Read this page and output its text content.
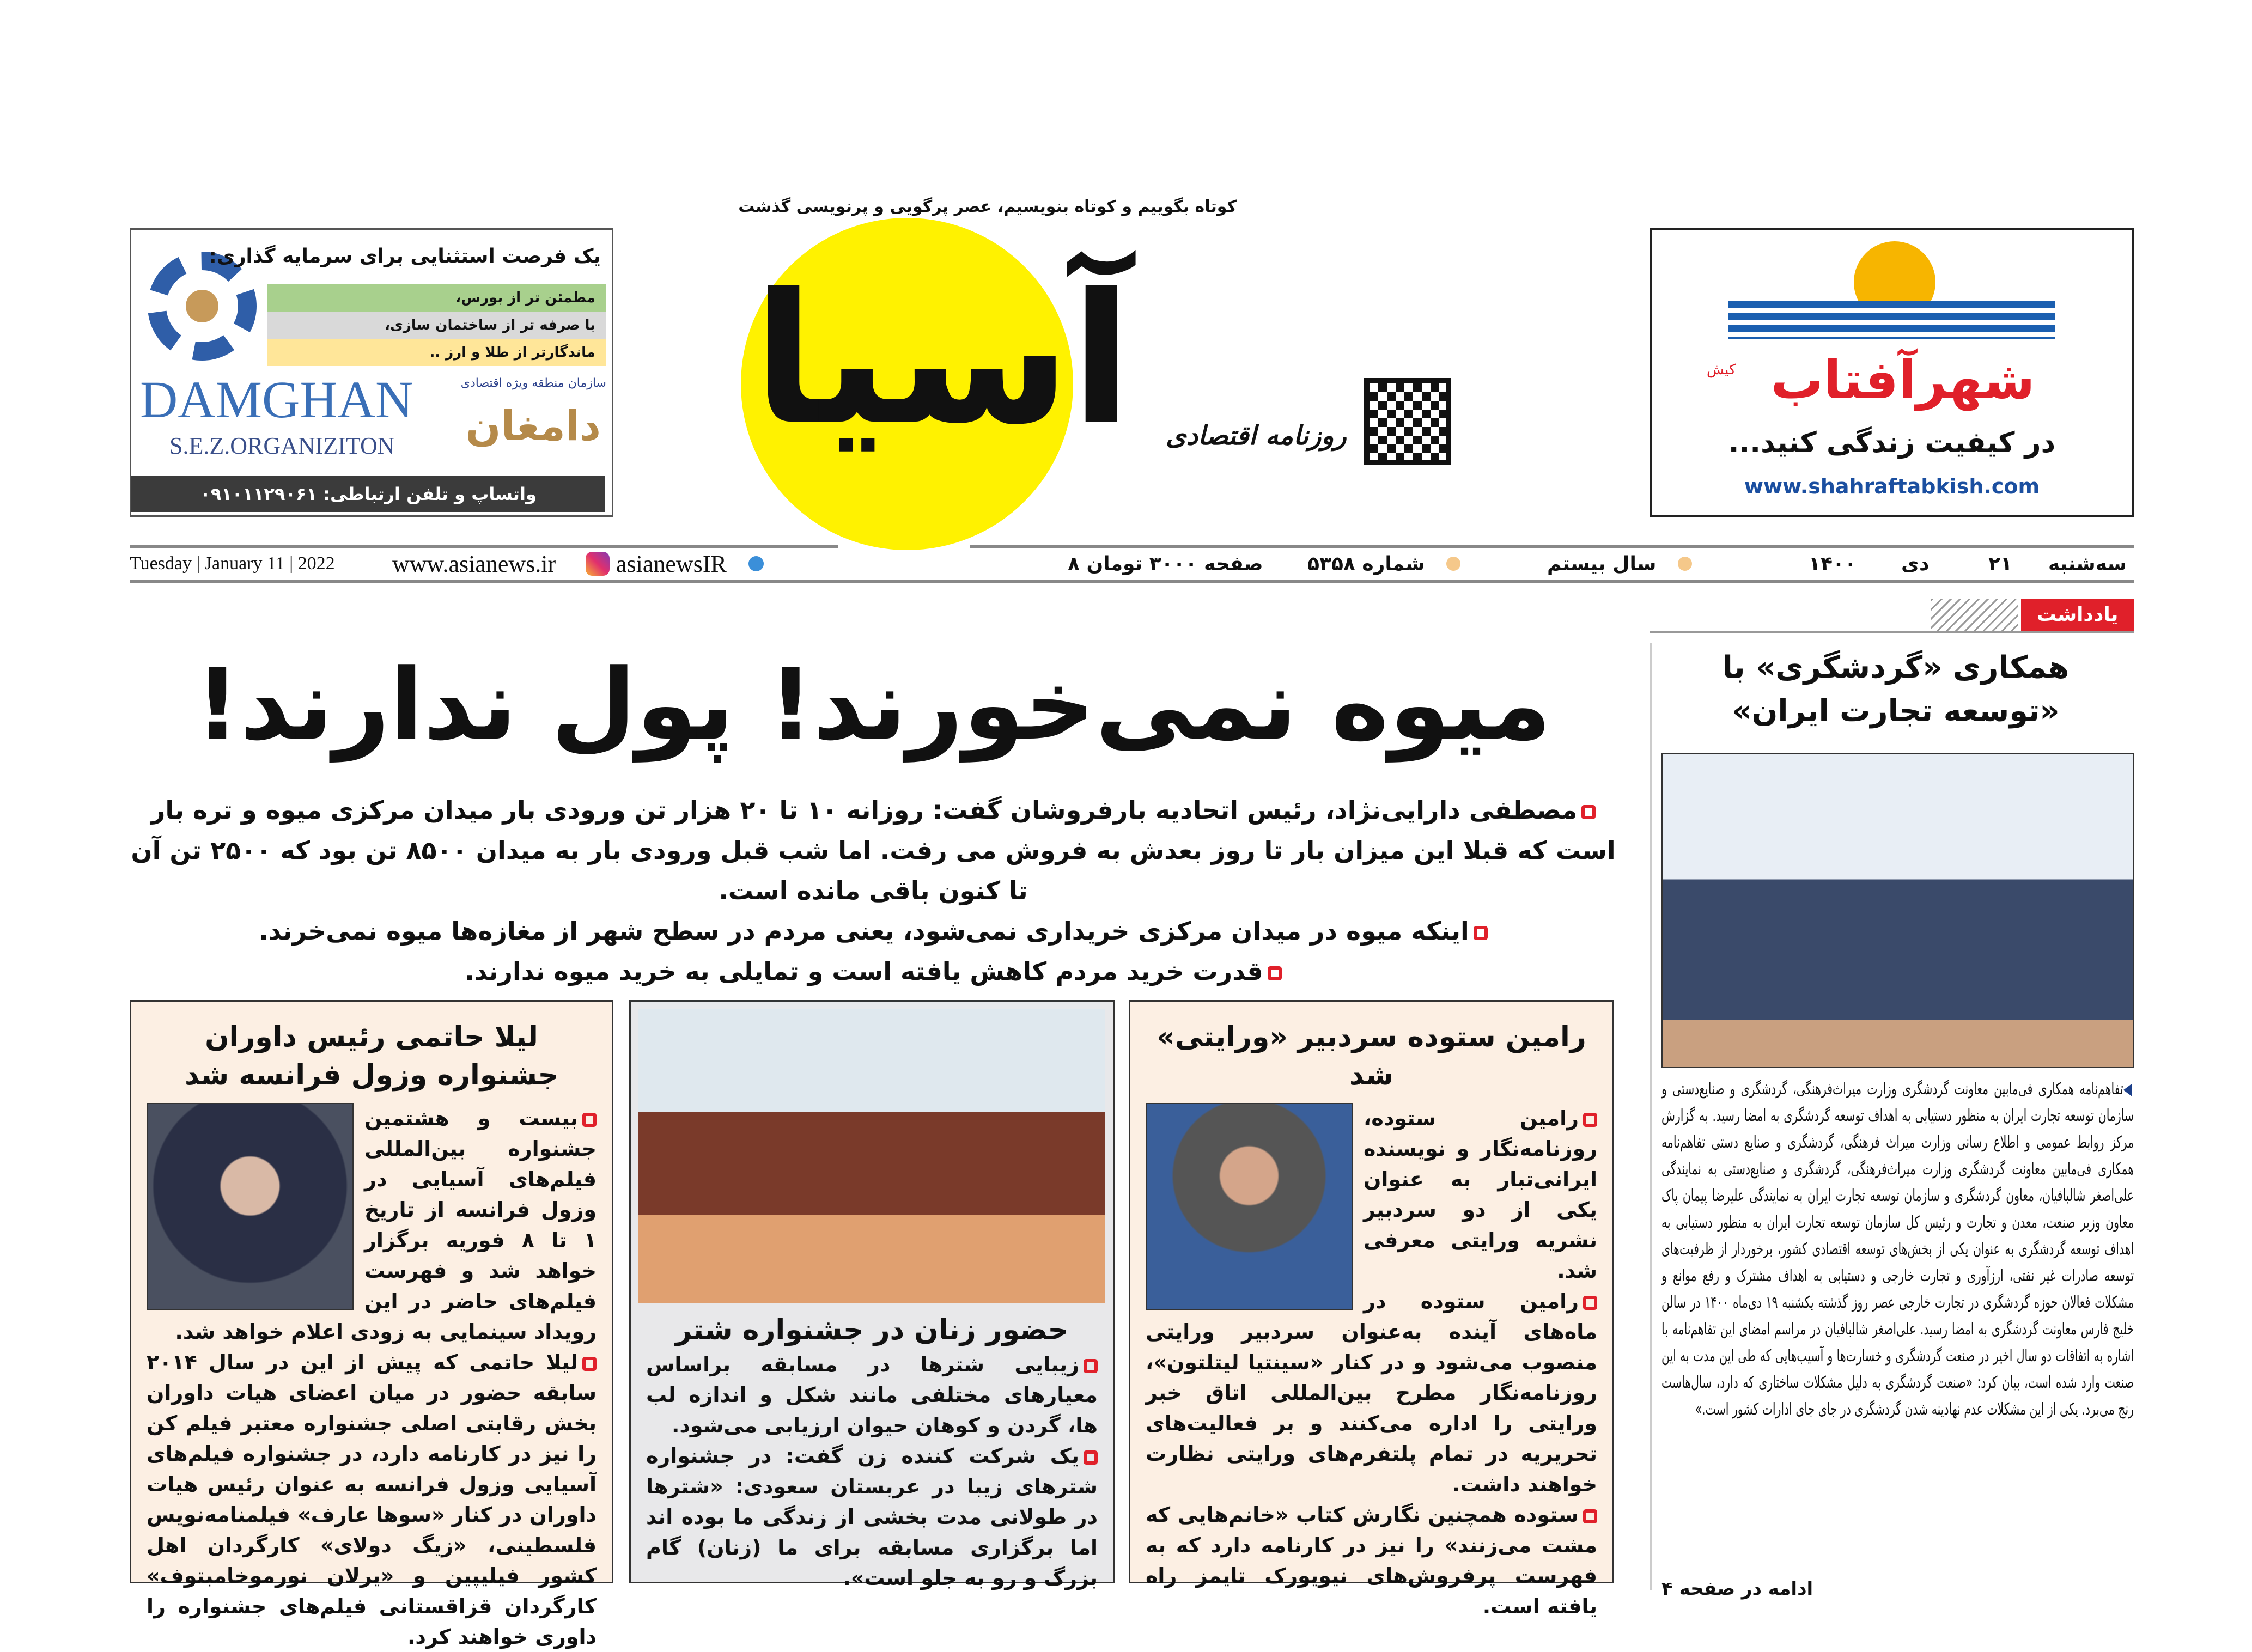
یک فرصت استثنایی برای سرمایه گذاری:
مطمئن تر از بورس،
با صرفه تر از ساختمان سازی،
ماندگارتر از طلا و ارز ..
DAMGHAN
S.E.Z.ORGANIZITON
سازمان منطقه ویژه اقتصادی
دامغان
واتساپ و تلفن ارتباطی: ۰۹۱۰۱۱۲۹۰۶۱
کوتاه بگوییم و کوتاه بنویسیم، عصر پرگویی و پرنویسی گذشت
آسیا	روزنامه اقتصادی
کیش شهرآفتاب
در کیفیت زندگی کنید...
www.shahraftabkish.com
Tuesday | January 11 | 2022 www.asianews.ir	asianewsIR	۸ صفحه ۳۰۰۰ تومان شماره ۵۳۵۸	سال بیستم	۱۴۰۰ دی	۲۱ سه‌شنبه
میوه نمی‌خورند! پول ندارند!
مصطفی دارایی‌نژاد، رئیس اتحادیه بارفروشان گفت: روزانه ۱۰ تا ۲۰ هزار تن ورودی بار میدان مرکزی میوه و تره بار است که قبلا این میزان بار تا روز بعدش به فروش می رفت. اما شب قبل ورودی بار به میدان ۸۵۰۰ تن بود که ۲۵۰۰ تن آن تا کنون باقی مانده است.
اینکه میوه در میدان مرکزی خریداری نمی‌شود، یعنی مردم در سطح شهر از مغازه‌ها میوه نمی‌خرند.
قدرت خرید مردم کاهش یافته است و تمایلی به خرید میوه ندارند.
لیلا حاتمی رئیس داوران جشنواره وزول فرانسه شد

بیست و هشتمین جشنواره بین‌المللی فیلم‌های آسیایی در وزول فرانسه از تاریخ ۱ تا ۸ فوریه برگزار خواهد شد و فهرست فیلم‌های حاضر در این رویداد سینمایی به زودی اعلام خواهد شد.

لیلا حاتمی که پیش از این در سال ۲۰۱۴ سابقه حضور در میان اعضای هیات داوران بخش رقابتی اصلی جشنواره معتبر فیلم کن را نیز در کارنامه دارد، در جشنواره فیلم‌های آسیایی وزول فرانسه به عنوان رئیس هیات داوران در کنار «سوها عارف» فیلمنامه‌نویس فلسطینی، «زیگ دولای» کارگردان اهل کشور فیلیپین و «یرلان نورموخامبتوف» کارگردان قزاقستانی فیلم‌های جشنواره را داوری خواهند کرد.

حضور زنان در جشنواره شتر

زیبایی شترها در مسابقه براساس معیارهای مختلفی مانند شکل و اندازه لب ها، گردن و کوهان حیوان ارزیابی می‌شود.

یک شرکت کننده زن گفت: در جشنواره شترهای زیبا در عربستان سعودی: «شترها در طولانی مدت بخشی از زندگی ما بوده اند اما برگزاری مسابقه برای ما (زنان) گام بزرگ و رو به جلو است».

رامین ستوده سردبیر «ورایتی» شد

رامین ستوده، روزنامه‌نگار و نویسنده ایرانی‌تبار به عنوان یکی از دو سردبیر نشریه ورایتی معرفی شد.

رامین ستوده در ماه‌های آینده به‌عنوان سردبیر ورایتی منصوب می‌شود و در کنار «سینتیا لیتلتون»، روزنامه‌نگار مطرح بین‌المللی اتاق خبر ورایتی را اداره می‌کنند و بر فعالیت‌های تحریریه در تمام پلتفرم‌های ورایتی نظارت خواهند داشت.

ستوده همچنین نگارش کتاب «خانم‌هایی که مشت می‌زنند» را نیز در کارنامه دارد که به فهرست پرفروش‌های نیویورک تایمز راه یافته است.

یادداشت
همکاری «گردشگری» با «توسعه تجارت ایران»
◀تفاهم‌نامه همکاری فی‌مابین معاونت گردشگری وزارت میراث‌فرهنگی، گردشگری و صنایع‌دستی و سازمان توسعه تجارت ایران به منظور دستیابی به اهداف توسعه گردشگری به امضا رسید. به گزارش مرکز روابط عمومی و اطلاع رسانی وزارت میراث فرهنگی، گردشگری و صنایع دستی تفاهم‌نامه همکاری فی‌مابین معاونت گردشگری وزارت میراث‌فرهنگی، گردشگری و صنایع‌دستی به نمایندگی علی‌اصغر شالبافیان، معاون گردشگری و سازمان توسعه تجارت ایران به نمایندگی علیرضا پیمان پاک معاون وزیر صنعت، معدن و تجارت و رئیس کل سازمان توسعه تجارت ایران به منظور دستیابی به اهداف توسعه گردشگری به عنوان یکی از بخش‌های توسعه اقتصادی کشور، برخوردار از ظرفیت‌های توسعه صادرات غیر نفتی، ارزآوری و تجارت خارجی و دستیابی به اهداف مشترک و رفع موانع و مشکلات فعالان حوزه گردشگری در تجارت خارجی عصر روز گذشته یکشنبه ۱۹ دی‌ماه ۱۴۰۰ در سالن خلیج فارس معاونت گردشگری به امضا رسید. علی‌اصغر شالبافیان در مراسم امضای این تفاهم‌نامه با اشاره به اتفاقات دو سال اخیر در صنعت گردشگری و خسارت‌ها و آسیب‌هایی که طی این مدت به این صنعت وارد شده است، بیان کرد: «صنعت گردشگری به دلیل مشکلات ساختاری که دارد، سال‌هاست رنج می‌برد. یکی از این مشکلات عدم نهادینه شدن گردشگری در جای جای ادارات کشور است.»
ادامه در صفحه ۴
